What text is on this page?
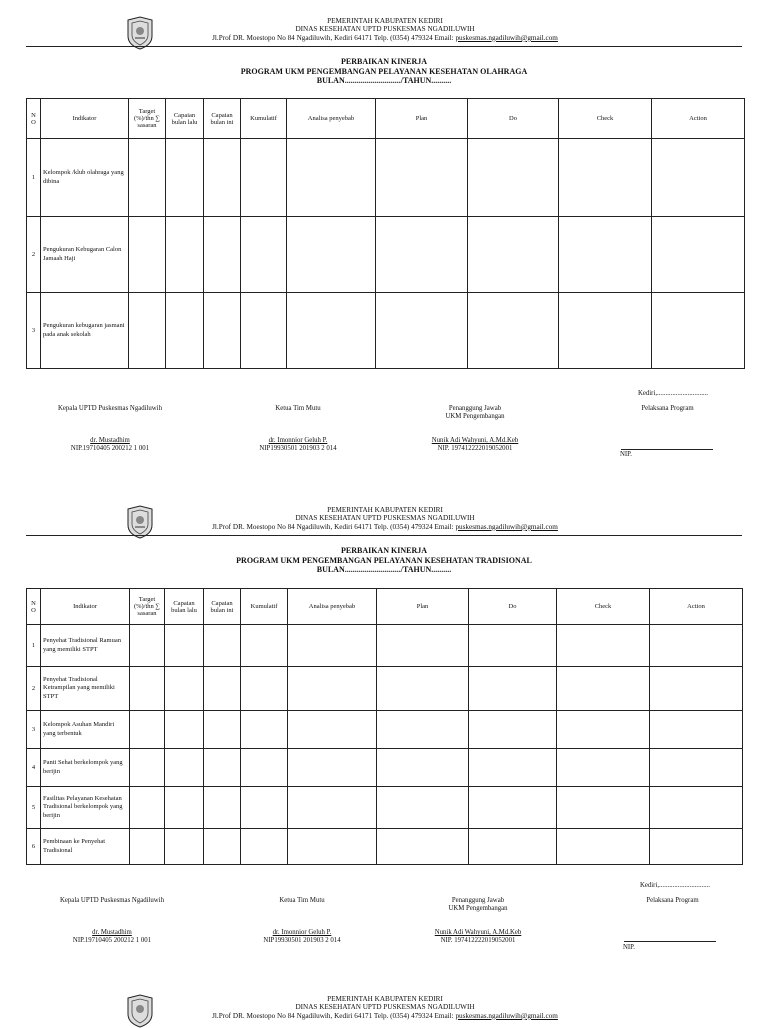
PEMERINTAH KABUPATEN KEDIRI
DINAS KESEHATAN UPTD PUSKESMAS NGADILUWIH
Jl.Prof DR. Moestopo No 84 Ngadiluwih, Kediri 64171 Telp. (0354) 479324 Email: puskesmas.ngadiluwih@gmail.com
PERBAIKAN KINERJA
PROGRAM UKM PENGEMBANGAN PELAYANAN KESEHATAN OLAHRAGA
BULAN............................/TAHUN..........
N O	Indikator	Target (%)/thn ∑ sasaran	Capaian bulan lalu	Capaian bulan ini	Kumulatif	Analisa penyebab	Plan	Do	Check	Action
1	Kelompok /klub olahraga yang dibina									
2	Pengukuran Kebugaran Calon Jamaah Haji									
3	Pengukuran kebugaran jasmani pada anak sekolah									
Kediri,..............................
Kepala UPTD Puskesmas Ngadiluwih

dr. Mustadhim
NIP.19710405 200212 1 001
Ketua Tim Mutu

dr. Imonnior Geluh P.
NIP19930501 201903 2 014
Penanggung Jawab
UKM Pengembangan

Nunik Adi Wahyuni, A.Md.Keb
NIP. 197412222019052001
Pelaksana Program
NIP.
PEMERINTAH KABUPATEN KEDIRI
DINAS KESEHATAN UPTD PUSKESMAS NGADILUWIH
Jl.Prof DR. Moestopo No 84 Ngadiluwih, Kediri 64171 Telp. (0354) 479324 Email: puskesmas.ngadiluwih@gmail.com
PERBAIKAN KINERJA
PROGRAM UKM PENGEMBANGAN PELAYANAN KESEHATAN TRADISIONAL
BULAN............................/TAHUN..........
N O	Indikator	Target (%)/thn ∑ sasaran	Capaian bulan lalu	Capaian bulan ini	Kumulatif	Analisa penyebab	Plan	Do	Check	Action
1	Penyehat Tradisional Ramuan yang memiliki STPT									
2	Penyehat Tradisional Ketrampilan yang memiliki STPT									
3	Kelompok Asuhan Mandiri yang terbentuk									
4	Panti Sehat berkelompok yang berijin									
5	Fasilitas Pelayanan Kesehatan Tradisional berkelompok yang berijin									
6	Pembinaan ke Penyehat Tradisional									
Kediri,..............................
Kepala UPTD Puskesmas Ngadiluwih

dr. Mustadhim
NIP.19710405 200212 1 001
Ketua Tim Mutu

dr. Imonnior Geluh P.
NIP19930501 201903 2 014
Penanggung Jawab
UKM Pengembangan

Nunik Adi Wahyuni, A.Md.Keb
NIP. 197412222019052001
Pelaksana Program
NIP.
PEMERINTAH KABUPATEN KEDIRI
DINAS KESEHATAN UPTD PUSKESMAS NGADILUWIH
Jl.Prof DR. Moestopo No 84 Ngadiluwih, Kediri 64171 Telp. (0354) 479324 Email: puskesmas.ngadiluwih@gmail.com
